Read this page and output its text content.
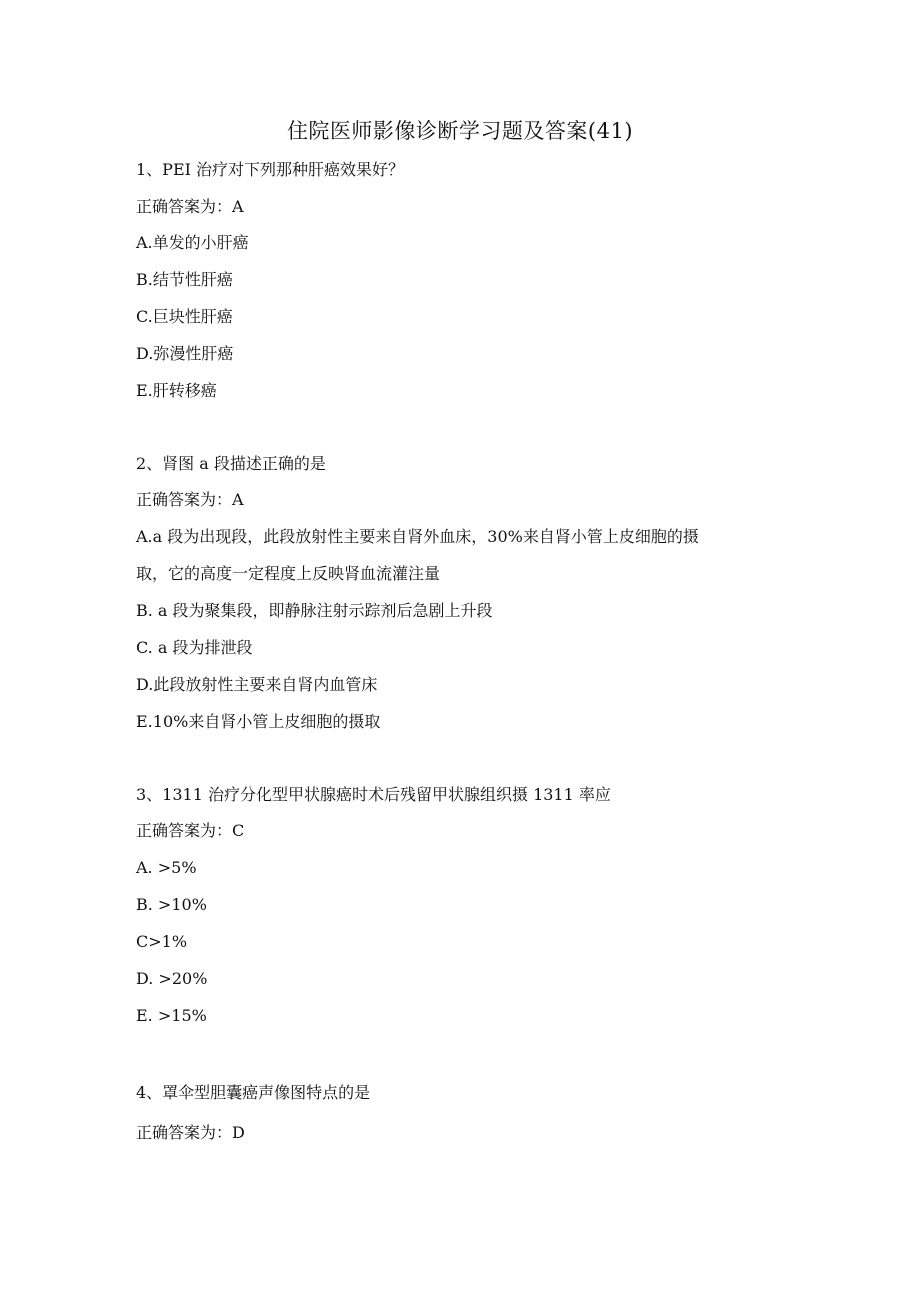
住院医师影像诊断学习题及答案(41)
1、PEI 治疗对下列那种肝癌效果好？
正确答案为：A
A.单发的小肝癌
B.结节性肝癌
C.巨块性肝癌
D.弥漫性肝癌
E.肝转移癌
2、肾图 a 段描述正确的是
正确答案为：A
A.a 段为出现段，此段放射性主要来自肾外血床，30%来自肾小管上皮细胞的摄
取，它的高度一定程度上反映肾血流灌注量
B. a 段为聚集段，即静脉注射示踪剂后急剧上升段
C. a 段为排泄段
D.此段放射性主要来自肾内血管床
E.10%来自肾小管上皮细胞的摄取
3、1311 治疗分化型甲状腺癌时术后残留甲状腺组织摄 1311 率应
正确答案为：C
A. >5%
B. >10%
C>1%
D. >20%
E. >15%
4、罩伞型胆囊癌声像图特点的是
正确答案为：D
